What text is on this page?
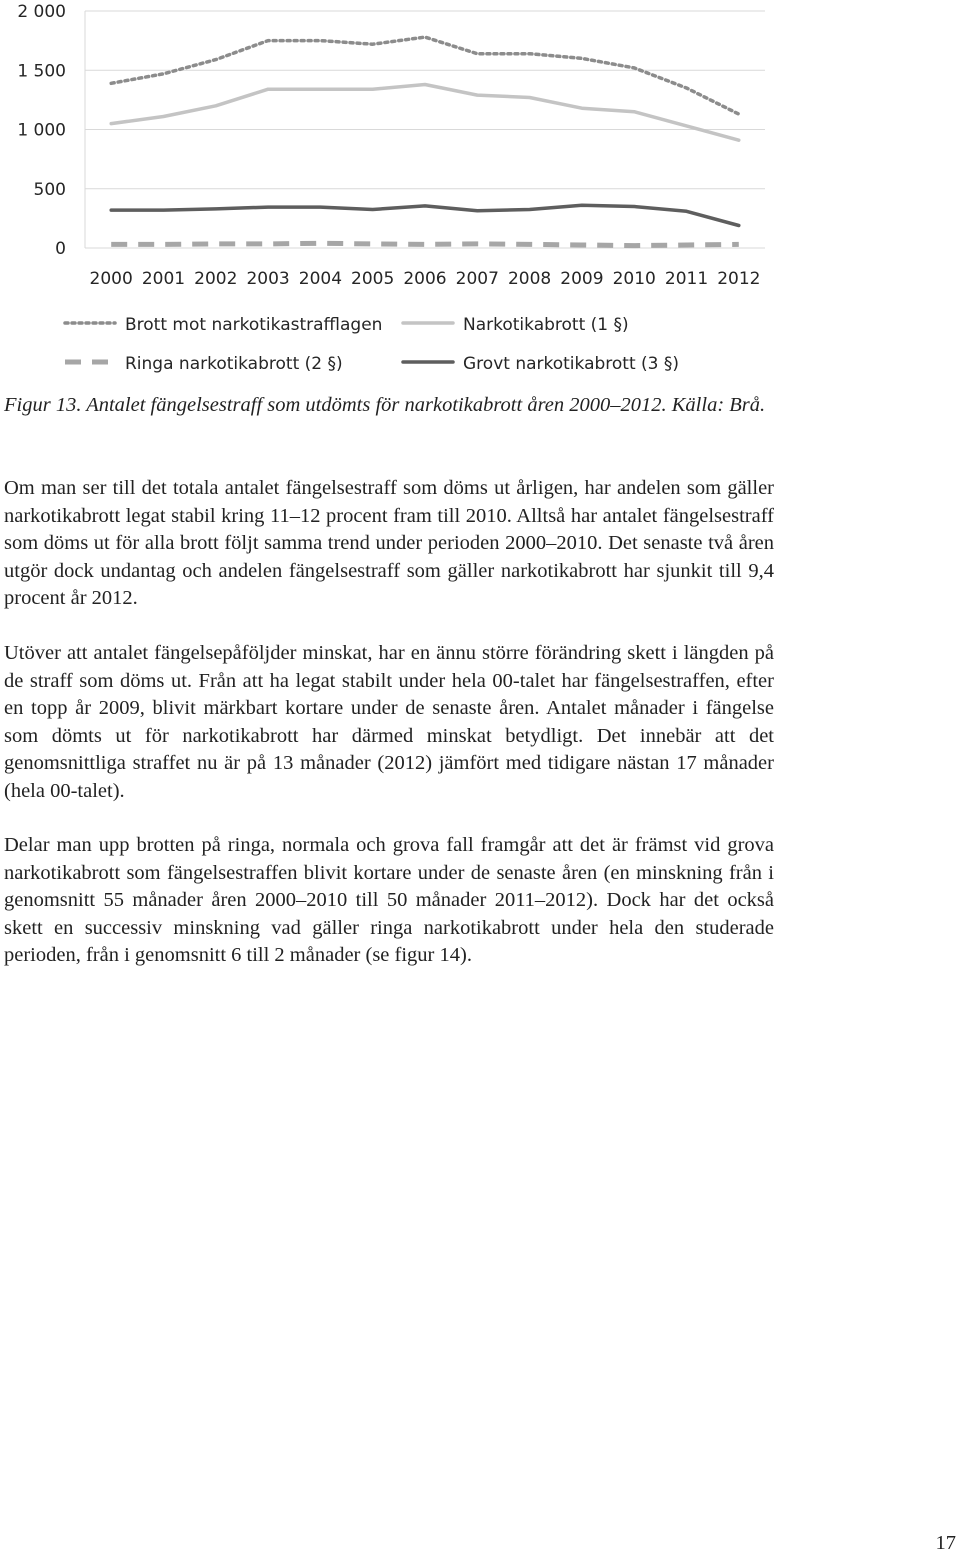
0
500
1 000
1 500
2 000
2000 2001 2002 2003 2004 2005 2006 2007 2008 2009 2010 2011 2012
Brott mot narkotikastrafflagen	Narkotikabrott (1 §)
Ringa narkotikabrott (2 §)	Grovt narkotikabrott (3 §)

Figur 13. Antalet fängelsestraff som utdömts för narkotikabrott åren 2000–2012. Källa: Brå.

Om man ser till det totala antalet fängelsestraff som döms ut årligen, har andelen som gäller narkotikabrott legat stabil kring 11–12 procent fram till 2010. Alltså har antalet fängelsestraff som döms ut för alla brott följt samma trend under perioden 2000–2010. Det senaste två åren utgör dock undantag och andelen fängelsestraff som gäller narkotikabrott har sjunkit till 9,4 procent år 2012.

Utöver att antalet fängelsepåföljder minskat, har en ännu större förändring skett i längden på de straff som döms ut. Från att ha legat stabilt under hela 00-talet har fängelsestraffen, efter en topp år 2009, blivit märkbart kortare under de senaste åren. Antalet månader i fängelse som dömts ut för narkotikabrott har därmed minskat betydligt. Det innebär att det genomsnittliga straffet nu är på 13 månader (2012) jämfört med tidigare nästan 17 månader (hela 00-talet).

Delar man upp brotten på ringa, normala och grova fall framgår att det är främst vid grova narkotikabrott som fängelsestraffen blivit kortare under de senaste åren (en minskning från i genomsnitt 55 månader åren 2000–2010 till 50 månader 2011–2012). Dock har det också skett en successiv minskning vad gäller ringa narkotikabrott under hela den studerade perioden, från i genomsnitt 6 till 2 månader (se figur 14).

17
